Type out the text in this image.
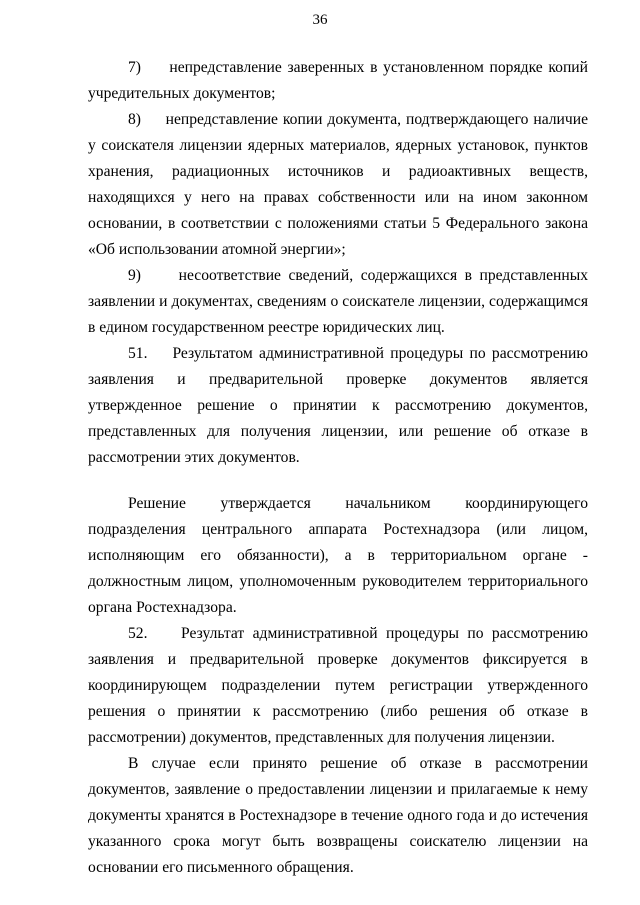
36

7)     непредставление заверенных в установленном порядке копий учредительных документов;

8)     непредставление копии документа, подтверждающего наличие у соискателя лицензии ядерных материалов, ядерных установок, пунктов хранения, радиационных источников и радиоактивных веществ, находящихся у него на правах собственности или на ином законном основании, в соответствии с положениями статьи 5 Федерального закона «Об использовании атомной энергии»;

9)     несоответствие сведений, содержащихся в представленных заявлении и документах, сведениям о соискателе лицензии, содержащимся в едином государственном реестре юридических лиц.

51.    Результатом административной процедуры по рассмотрению заявления и предварительной проверке документов является утвержденное решение о принятии к рассмотрению документов, представленных для получения лицензии, или решение об отказе в рассмотрении этих документов.

Решение утверждается начальником координирующего подразделения центрального аппарата Ростехнадзора (или лицом, исполняющим его обязанности), а в территориальном органе - должностным лицом, уполномоченным руководителем территориального органа Ростехнадзора.

52.    Результат административной процедуры по рассмотрению заявления и предварительной проверке документов фиксируется в координирующем подразделении путем регистрации утвержденного решения о принятии к рассмотрению (либо решения об отказе в рассмотрении) документов, представленных для получения лицензии.

В случае если принято решение об отказе в рассмотрении документов, заявление о предоставлении лицензии и прилагаемые к нему документы хранятся в Ростехнадзоре в течение одного года и до истечения указанного срока могут быть возвращены соискателю лицензии на основании его письменного обращения.
